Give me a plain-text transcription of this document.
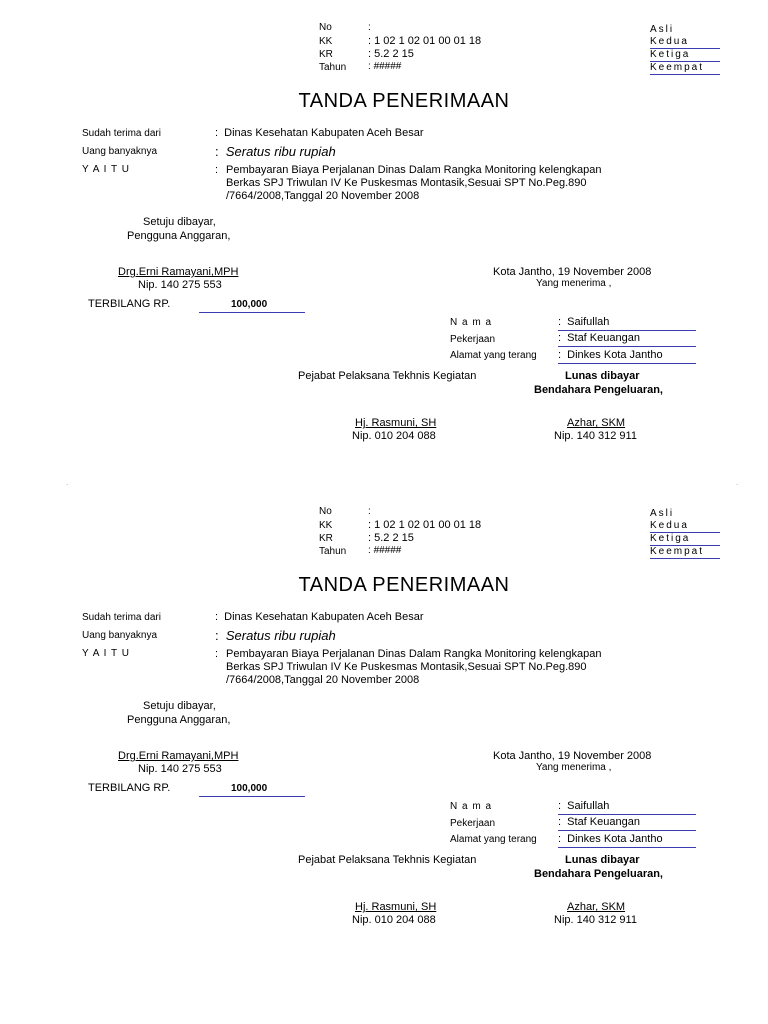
No	:
KK	: 1 02 1 02 01 00 01 18
KR	: 5.2 2 15
Tahun : #####
Asli
Kedua
Ketiga
Keempat
TANDA PENERIMAAN
Sudah terima dari	:  Dinas Kesehatan Kabupaten Aceh Besar
Uang banyaknya	:  Seratus ribu rupiah
Y A I T U	: Pembayaran Biaya Perjalanan Dinas Dalam Rangka Monitoring kelengkapan
Berkas SPJ Triwulan IV Ke Puskesmas Montasik,Sesuai SPT No.Peg.890
/7664/2008,Tanggal 20 November 2008
Setuju dibayar,
Pengguna Anggaran,
Drg.Erni Ramayani,MPH
Nip. 140 275 553
Kota Jantho, 19 November 2008
Yang menerima ,
TERBILANG RP.	100,000
N a m a	:  Saifullah
Pekerjaan	:  Staf Keuangan
Alamat yang terang :  Dinkes Kota Jantho
Pejabat Pelaksana Tekhnis Kegiatan	Lunas dibayar
Bendahara Pengeluaran,
Hj. Rasmuni, SH
Nip. 010 204 088
Azhar, SKM
Nip. 140 312 911
No	:
KK	: 1 02 1 02 01 00 01 18
KR	: 5.2 2 15
Tahun : #####
Asli
Kedua
Ketiga
Keempat
TANDA PENERIMAAN
Sudah terima dari	:  Dinas Kesehatan Kabupaten Aceh Besar
Uang banyaknya	:  Seratus ribu rupiah
Y A I T U	: Pembayaran Biaya Perjalanan Dinas Dalam Rangka Monitoring kelengkapan
Berkas SPJ Triwulan IV Ke Puskesmas Montasik,Sesuai SPT No.Peg.890
/7664/2008,Tanggal 20 November 2008
Setuju dibayar,
Pengguna Anggaran,
Drg.Erni Ramayani,MPH
Nip. 140 275 553
Kota Jantho, 19 November 2008
Yang menerima ,
TERBILANG RP.	100,000
N a m a	:  Saifullah
Pekerjaan	:  Staf Keuangan
Alamat yang terang :  Dinkes Kota Jantho
Pejabat Pelaksana Tekhnis Kegiatan	Lunas dibayar
Bendahara Pengeluaran,
Hj. Rasmuni, SH
Nip. 010 204 088
Azhar, SKM
Nip. 140 312 911
.	.
